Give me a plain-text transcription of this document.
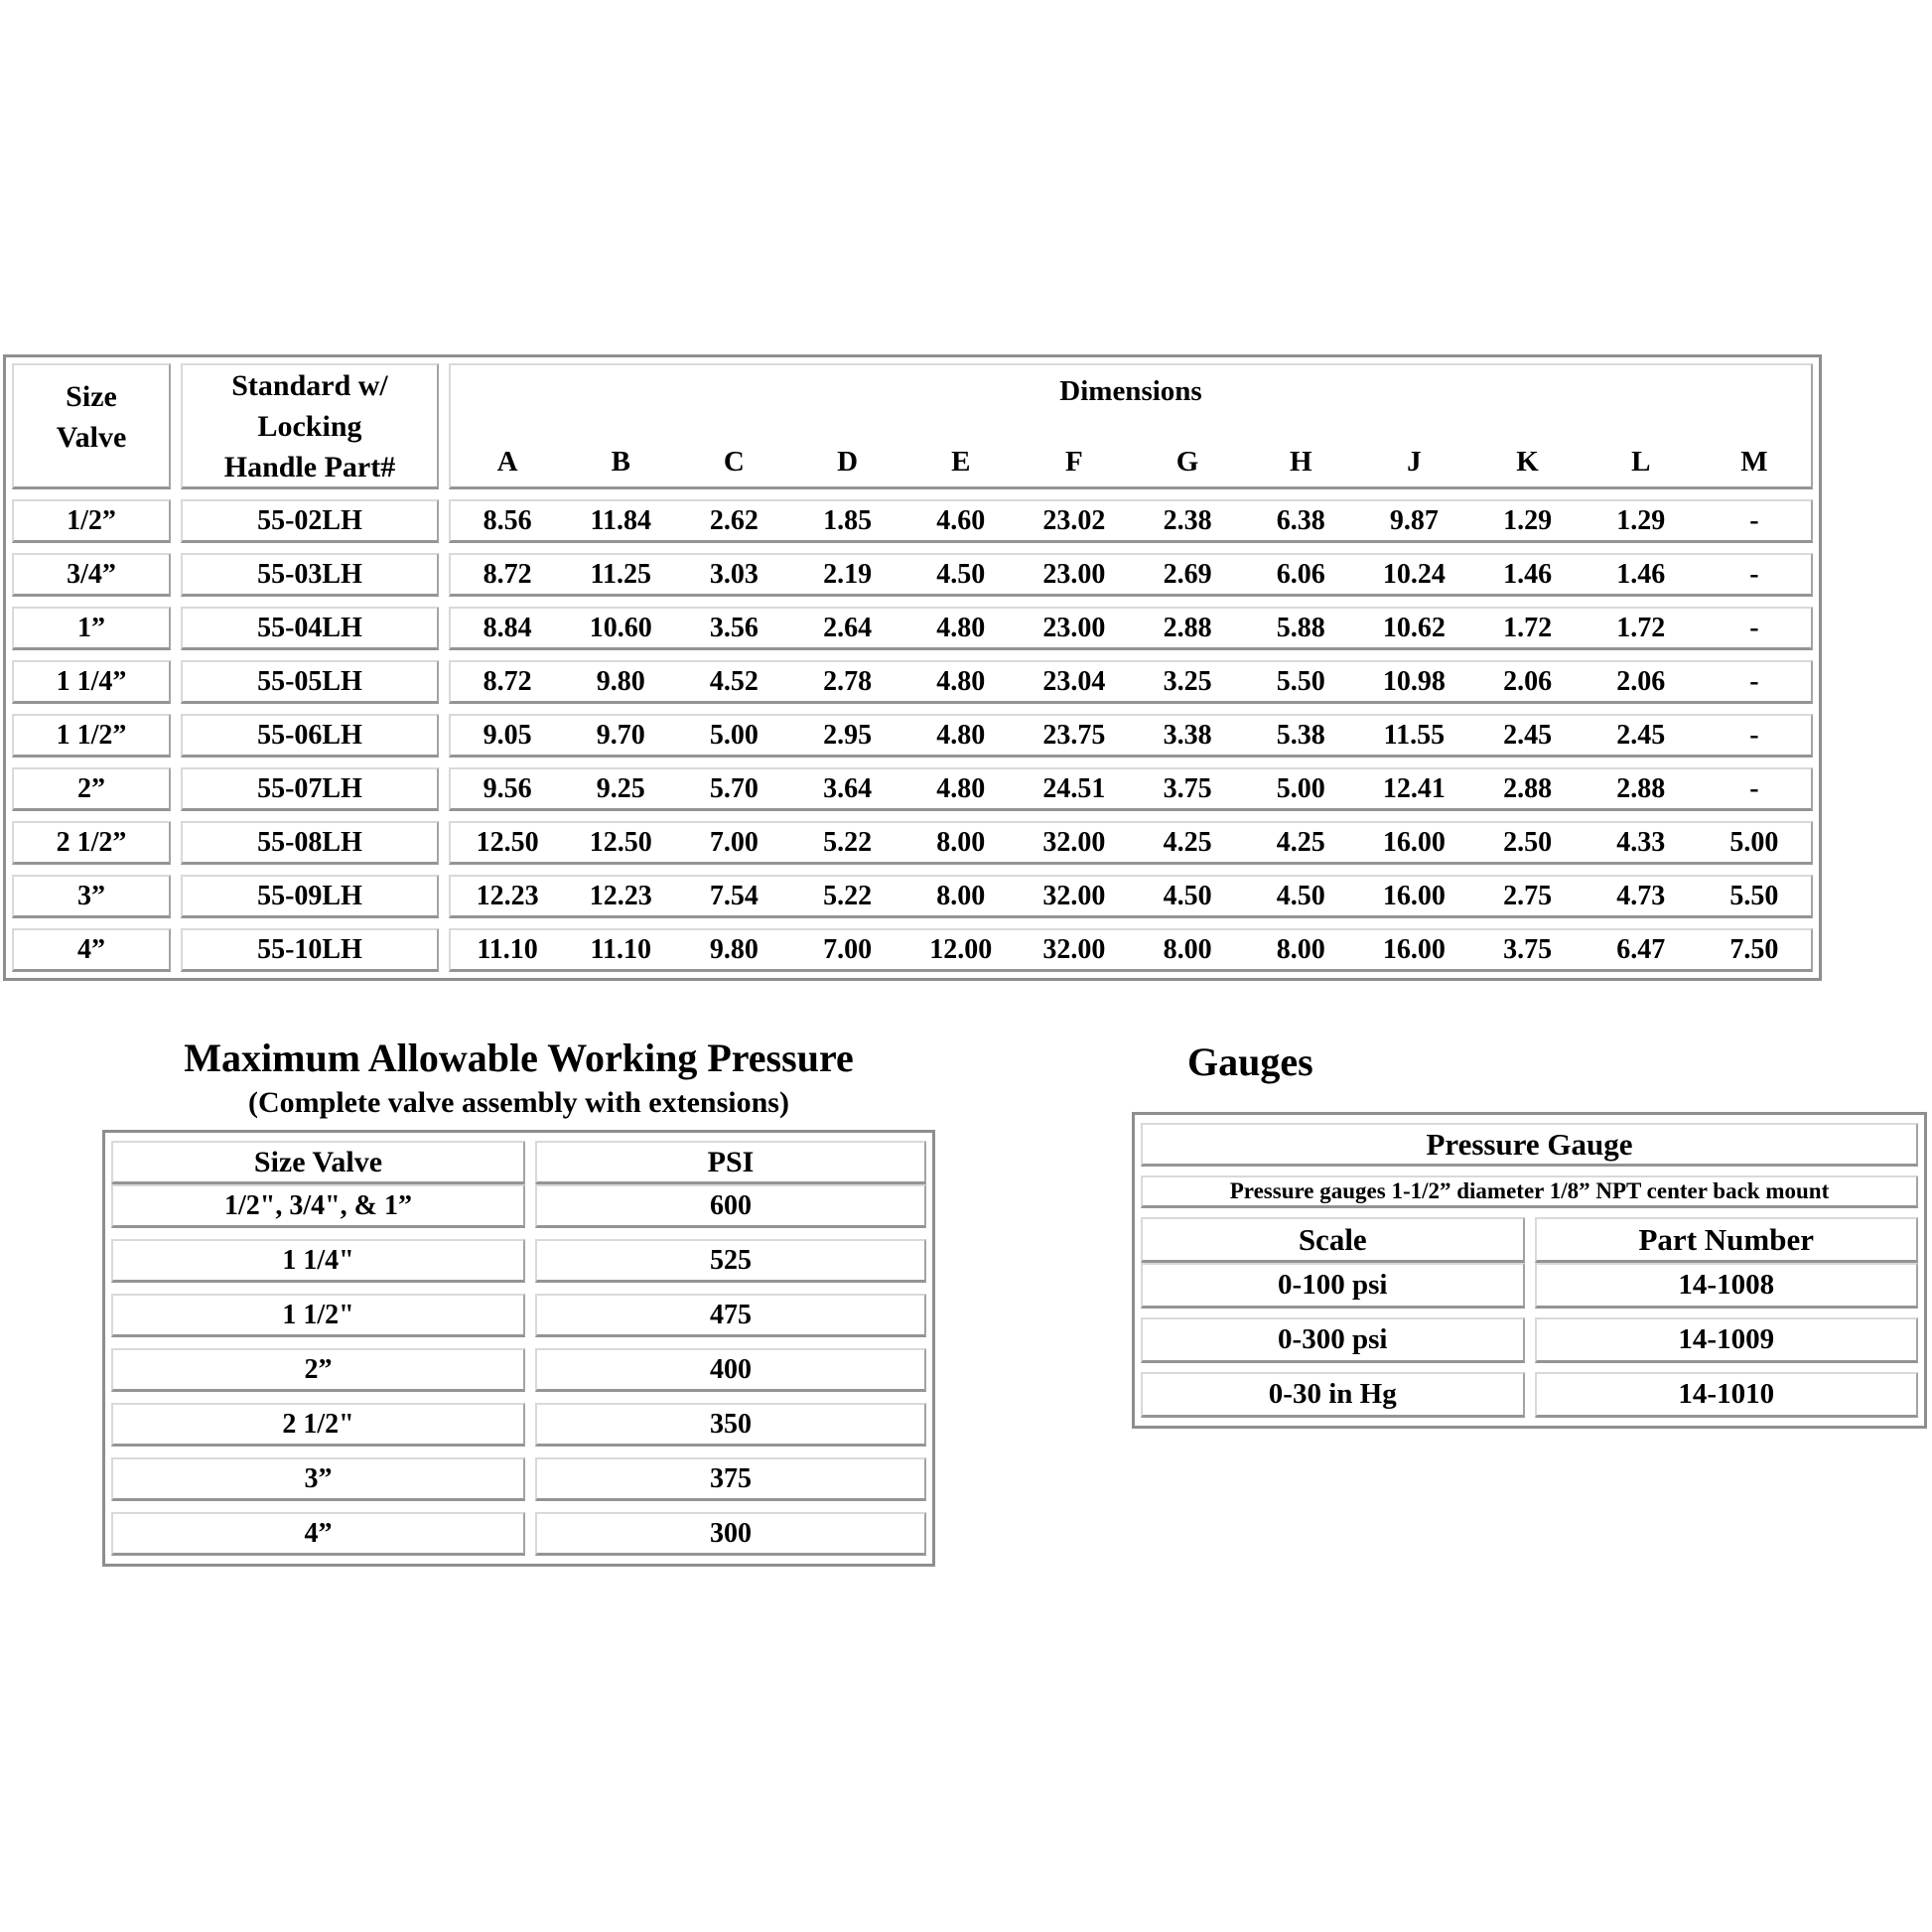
Size
Valve
Standard w/
Locking
Handle Part#
Dimensions
A	B	C	D	E	F	G	H	J	K	L	M
1/2”	55-02LH	8.56	11.84	2.62	1.85	4.60	23.02	2.38	6.38	9.87	1.29	1.29	-
3/4”	55-03LH	8.72	11.25	3.03	2.19	4.50	23.00	2.69	6.06	10.24	1.46	1.46	-
1”	55-04LH	8.84	10.60	3.56	2.64	4.80	23.00	2.88	5.88	10.62	1.72	1.72	-
1 1/4”	55-05LH	8.72	9.80	4.52	2.78	4.80	23.04	3.25	5.50	10.98	2.06	2.06	-
1 1/2”	55-06LH	9.05	9.70	5.00	2.95	4.80	23.75	3.38	5.38	11.55	2.45	2.45	-
2”	55-07LH	9.56	9.25	5.70	3.64	4.80	24.51	3.75	5.00	12.41	2.88	2.88	-
2 1/2”	55-08LH	12.50	12.50	7.00	5.22	8.00	32.00	4.25	4.25	16.00	2.50	4.33	5.00
3”	55-09LH	12.23	12.23	7.54	5.22	8.00	32.00	4.50	4.50	16.00	2.75	4.73	5.50
4”	55-10LH	11.10	11.10	9.80	7.00	12.00	32.00	8.00	8.00	16.00	3.75	6.47	7.50
Maximum Allowable Working Pressure
(Complete valve assembly with extensions)
Size Valve	PSI
1/2", 3/4", & 1”	600
1 1/4"	525
1 1/2"	475
2”	400
2 1/2"	350
3”	375
4”	300
Gauges
Pressure Gauge
Pressure gauges 1-1/2” diameter 1/8” NPT center back mount
Scale	Part Number
0-100 psi	14-1008
0-300 psi	14-1009
0-30 in Hg	14-1010
